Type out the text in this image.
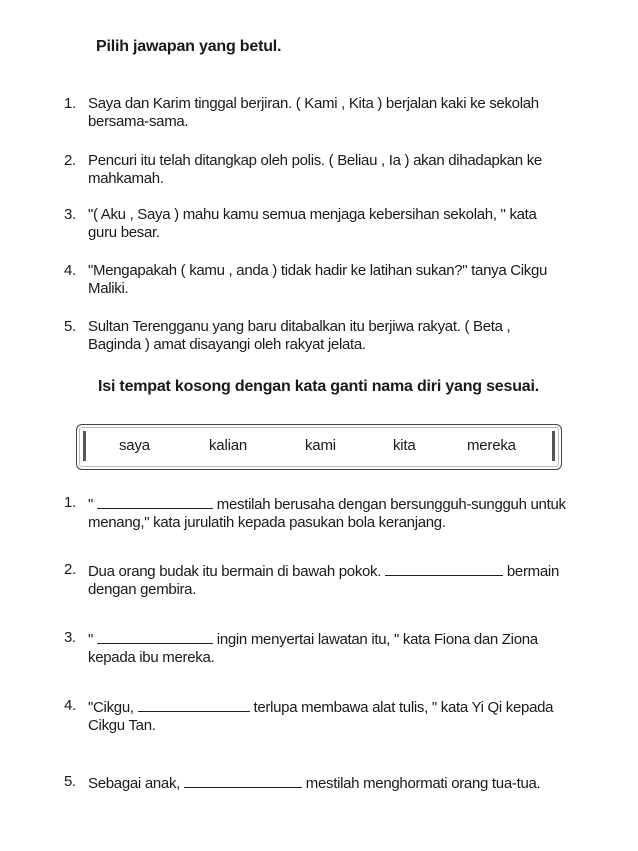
Pilih jawapan yang betul.
1. Saya dan Karim tinggal berjiran. ( Kami , Kita ) berjalan kaki ke sekolah
bersama-sama.
2. Pencuri itu telah ditangkap oleh polis. ( Beliau , Ia ) akan dihadapkan ke
mahkamah.
3. "( Aku , Saya ) mahu kamu semua menjaga kebersihan sekolah, " kata
guru besar.
4. "Mengapakah ( kamu , anda ) tidak hadir ke latihan sukan?" tanya Cikgu
Maliki.
5. Sultan Terengganu yang baru ditabalkan itu berjiwa rakyat. ( Beta ,
Baginda ) amat disayangi oleh rakyat jelata.
Isi tempat kosong dengan kata ganti nama diri yang sesuai.
saya	kalian	kami	kita	mereka
1. "	mestilah berusaha dengan bersungguh-sungguh untuk
menang," kata jurulatih kepada pasukan bola keranjang.
2. Dua orang budak itu bermain di bawah pokok.	bermain
dengan gembira.
3. "	ingin menyertai lawatan itu, " kata Fiona dan Ziona
kepada ibu mereka.
4. "Cikgu,	terlupa membawa alat tulis, " kata Yi Qi kepada
Cikgu Tan.
5. Sebagai anak,	mestilah menghormati orang tua-tua.
